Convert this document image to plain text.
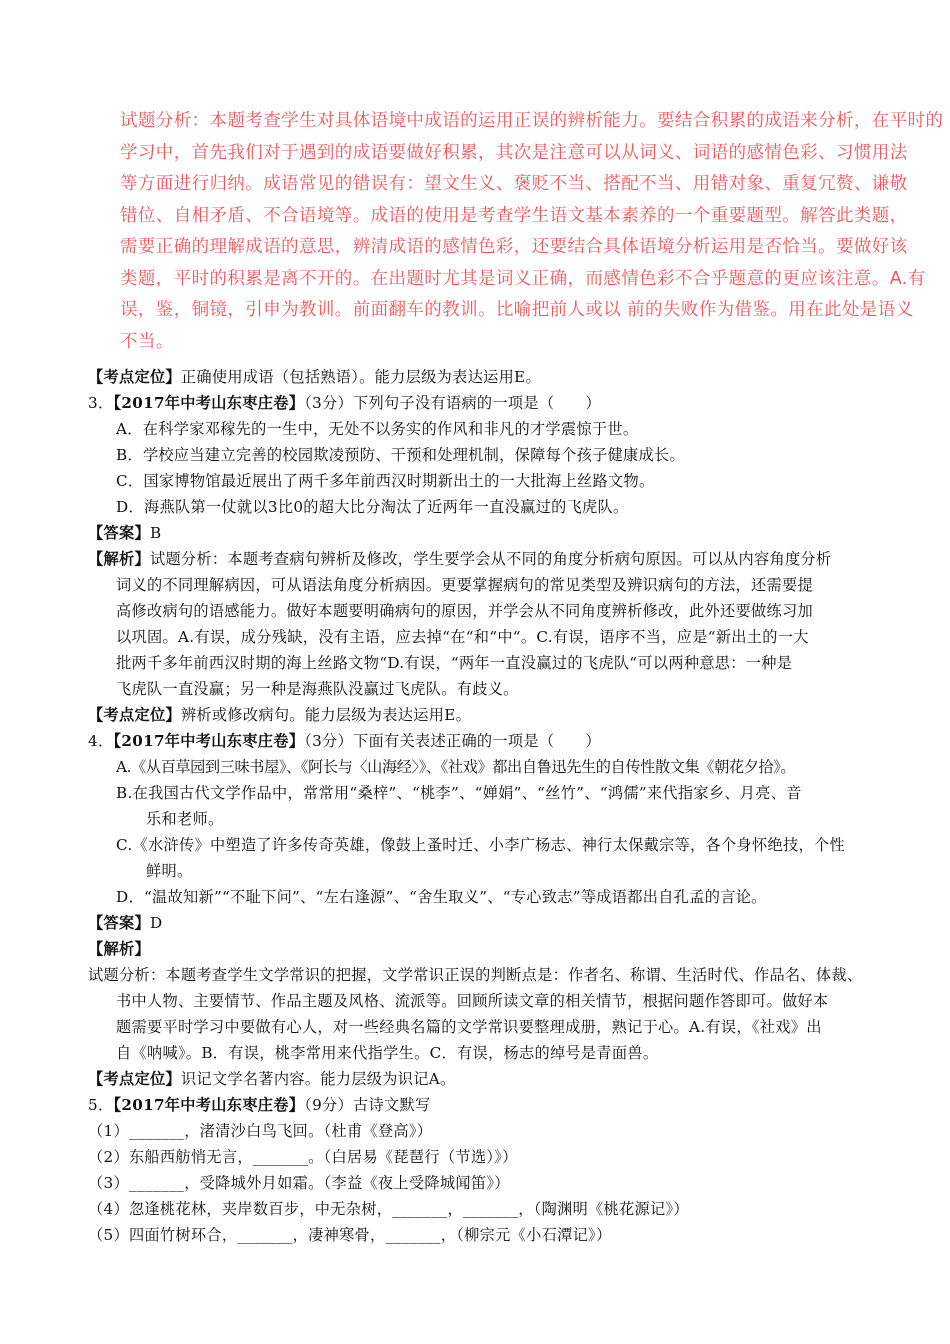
试题分析：本题考查学生对具体语境中成语的运用正误的辨析能力。要结合积累的成语来分析，在平时的

学习中，首先我们对于遇到的成语要做好积累，其次是注意可以从词义、词语的感情色彩、习惯用法

等方面进行归纳。成语常见的错误有：望文生义、褒贬不当、搭配不当、用错对象、重复冗赘、谦敬

错位、自相矛盾、不合语境等。成语的使用是考查学生语文基本素养的一个重要题型。解答此类题，

需要正确的理解成语的意思，辨清成语的感情色彩，还要结合具体语境分析运用是否恰当。要做好该

类题，平时的积累是离不开的。在出题时尤其是词义正确，而感情色彩不合乎题意的更应该注意。A.有

误，鉴，铜镜，引申为教训。前面翻车的教训。比喻把前人或以 前的失败作为借鉴。用在此处是语义

不当。

【考点定位】正确使用成语（包括熟语）。能力层级为表达运用E。
3．【2017年中考山东枣庄卷】（3分）下列句子没有语病的一项是（　　）
A．在科学家邓稼先的一生中，无处不以务实的作风和非凡的才学震惊于世。
B．学校应当建立完善的校园欺凌预防、干预和处理机制，保障每个孩子健康成长。
C．国家博物馆最近展出了两千多年前西汉时期新出土的一大批海上丝路文物。
D．海燕队第一仗就以3比0的超大比分淘汰了近两年一直没赢过的飞虎队。
【答案】B
【解析】试题分析：本题考查病句辨析及修改，学生要学会从不同的角度分析病句原因。可以从内容角度分析
词义的不同理解病因，可从语法角度分析病因。更要掌握病句的常见类型及辨识病句的方法，还需要提
高修改病句的语感能力。做好本题要明确病句的原因，并学会从不同角度辨析修改，此外还要做练习加
以巩固。A.有误，成分残缺，没有主语，应去掉“在“和“中“。C.有误，语序不当，应是“新出土的一大
批两千多年前西汉时期的海上丝路文物“D.有误，“两年一直没赢过的飞虎队“可以两种意思：一种是
飞虎队一直没赢；另一种是海燕队没赢过飞虎队。有歧义。
【考点定位】辨析或修改病句。能力层级为表达运用E。
4．【2017年中考山东枣庄卷】（3分）下面有关表述正确的一项是（　　）
A.《从百草园到三味书屋》、《阿长与〈山海经〉》、《社戏》都出自鲁迅先生的自传性散文集《朝花夕拾》。
B.在我国古代文学作品中，常常用“桑梓”、“桃李”、“婵娟”、“丝竹”、“鸿儒”来代指家乡、月亮、音
乐和老师。
C.《水浒传》中塑造了许多传奇英雄，像鼓上蚤时迁、小李广杨志、神行太保戴宗等，各个身怀绝技，个性
鲜明。
D．“温故知新”“不耻下问”、“左右逢源”、“舍生取义”、“专心致志”等成语都出自孔孟的言论。
【答案】D
【解析】
试题分析：本题考查学生文学常识的把握，文学常识正误的判断点是：作者名、称谓、生活时代、作品名、体裁、
书中人物、主要情节、作品主题及风格、流派等。回顾所读文章的相关情节，根据问题作答即可。做好本
题需要平时学习中要做有心人，对一些经典名篇的文学常识要整理成册，熟记于心。A.有误，《社戏》出
自《呐喊》。B．有误，桃李常用来代指学生。C．有误，杨志的绰号是青面兽。
【考点定位】识记文学名著内容。能力层级为识记A。
5．【2017年中考山东枣庄卷】（9分）古诗文默写
（1）_______，渚清沙白鸟飞回。（杜甫《登高》）
（2）东船西舫悄无言，_______。（白居易《琵琶行（节选）》）
（3）_______，受降城外月如霜。（李益《夜上受降城闻笛》）
（4）忽逢桃花林，夹岸数百步，中无杂树，_______，_______，（陶渊明《桃花源记》）
（5）四面竹树环合，_______，凄神寒骨，_______，（柳宗元《小石潭记》）
